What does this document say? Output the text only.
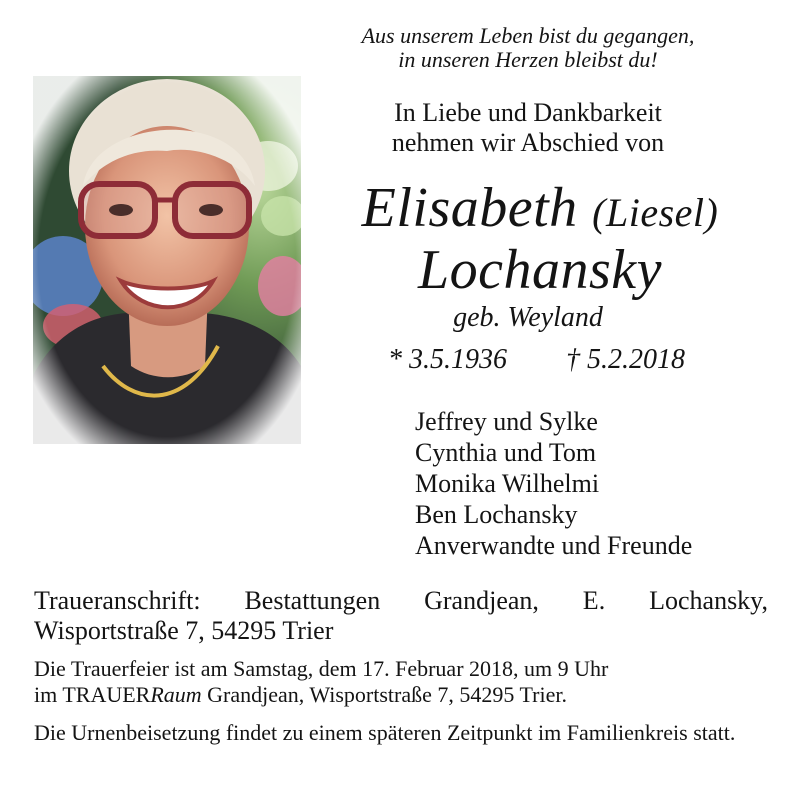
Aus unserem Leben bist du gegangen,
in unseren Herzen bleibst du!
In Liebe und Dankbarkeit
nehmen wir Abschied von
Elisabeth (Liesel)
Lochansky
geb. Weyland
* 3.5.1936 † 5.2.2018
Jeffrey und Sylke
Cynthia und Tom
Monika Wilhelmi
Ben Lochansky
Anverwandte und Freunde
Traueranschrift: Bestattungen Grandjean, E. Lochansky,
Wisportstraße 7, 54295 Trier
Die Trauerfeier ist am Samstag, dem 17. Februar 2018, um 9 Uhr
im TRAUERRaum Grandjean, Wisportstraße 7, 54295 Trier.
Die Urnenbeisetzung findet zu einem späteren Zeitpunkt im Familienkreis statt.
